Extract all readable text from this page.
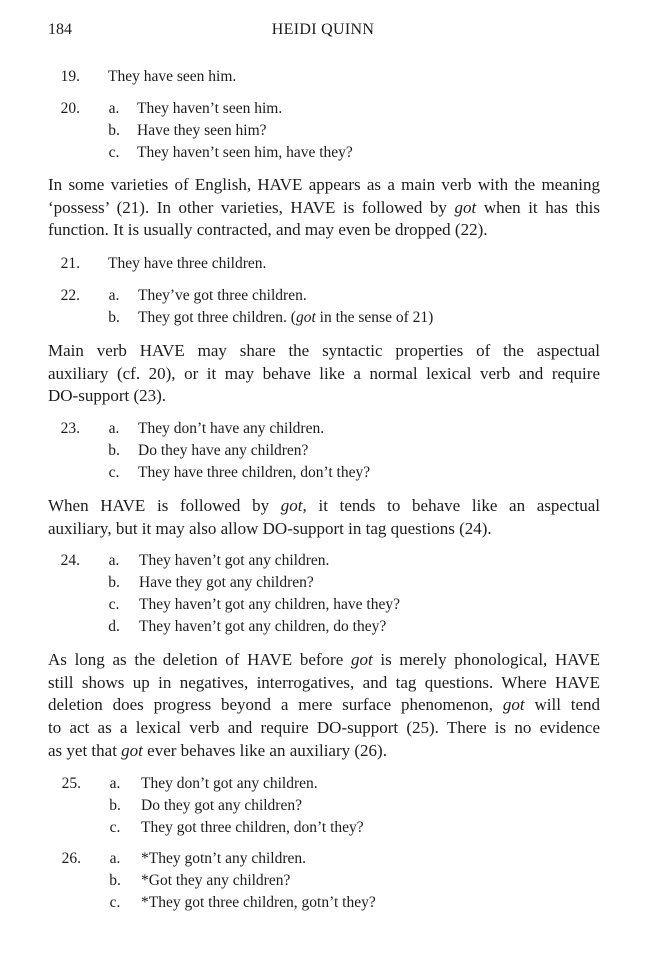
184	HEIDI QUINN
19. They have seen him.
20. a. They haven’t seen him.
b. Have they seen him?
c. They haven’t seen him, have they?
In some varieties of English, HAVE appears as a main verb with the meaning
‘possess’ (21). In other varieties, HAVE is followed by got when it has this
function. It is usually contracted, and may even be dropped (22).
21. They have three children.
22. a. They’ve got three children.
b. They got three children. (got in the sense of 21)
Main verb HAVE may share the syntactic properties of the aspectual
auxiliary (cf. 20), or it may behave like a normal lexical verb and require
DO-support (23).
23. a. They don’t have any children.
b. Do they have any children?
c. They have three children, don’t they?
When HAVE is followed by got, it tends to behave like an aspectual
auxiliary, but it may also allow DO-support in tag questions (24).
24. a. They haven’t got any children.
b. Have they got any children?
c. They haven’t got any children, have they?
d. They haven’t got any children, do they?
As long as the deletion of HAVE before got is merely phonological, HAVE
still shows up in negatives, interrogatives, and tag questions. Where HAVE
deletion does progress beyond a mere surface phenomenon, got will tend
to act as a lexical verb and require DO-support (25). There is no evidence
as yet that got ever behaves like an auxiliary (26).
25. a. They don’t got any children.
b. Do they got any children?
c. They got three children, don’t they?
26. a. *They gotn’t any children.
b. *Got they any children?
c. *They got three children, gotn’t they?
